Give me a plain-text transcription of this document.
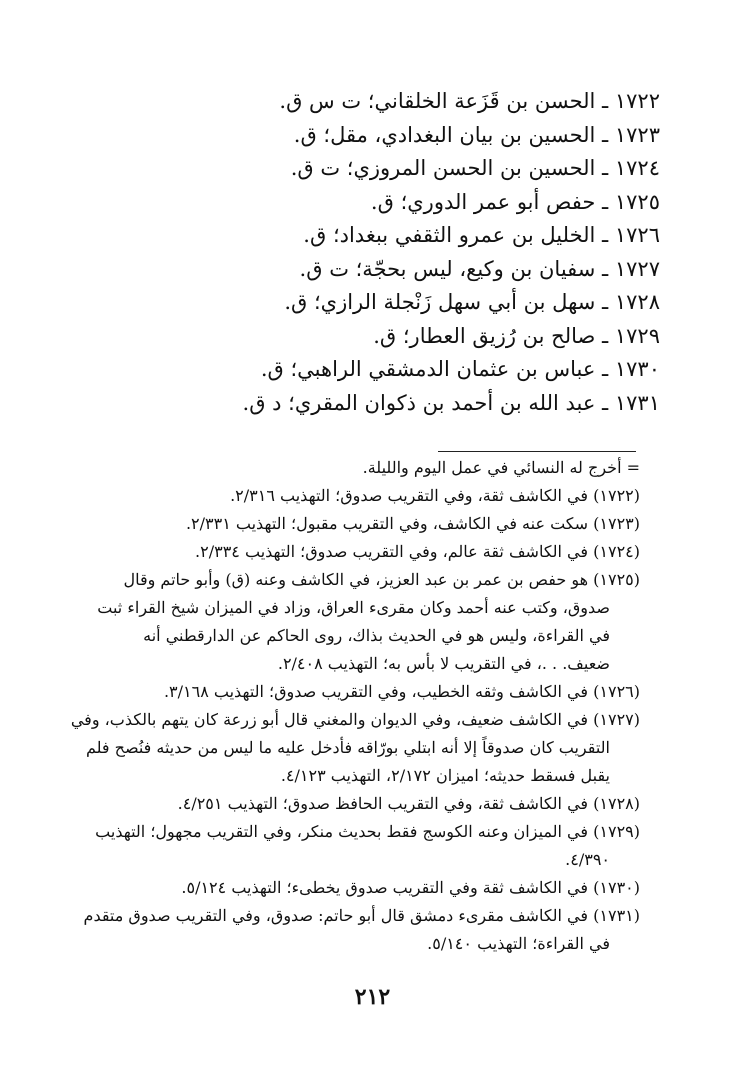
١٧٢٢ ـ الحسن بن قَزَعة الخلقاني؛ ت س ق.
١٧٢٣ ـ الحسين بن بيان البغدادي، مقل؛ ق.
١٧٢٤ ـ الحسين بن الحسن المروزي؛ ت ق.
١٧٢٥ ـ حفص أبو عمر الدوري؛ ق.
١٧٢٦ ـ الخليل بن عمرو الثقفي ببغداد؛ ق.
١٧٢٧ ـ سفيان بن وكيع، ليس بحجّة؛ ت ق.
١٧٢٨ ـ سهل بن أبي سهل زَنْجلة الرازي؛ ق.
١٧٢٩ ـ صالح بن رُزيق العطار؛ ق.
١٧٣٠ ـ عباس بن عثمان الدمشقي الراهبي؛ ق.
١٧٣١ ـ عبد الله بن أحمد بن ذكوان المقري؛ د ق.
= أخرج له النسائي في عمل اليوم والليلة.
(١٧٢٢) في الكاشف ثقة، وفي التقريب صدوق؛ التهذيب ٢/٣١٦.
(١٧٢٣) سكت عنه في الكاشف، وفي التقريب مقبول؛ التهذيب ٢/٣٣١.
(١٧٢٤) في الكاشف ثقة عالم، وفي التقريب صدوق؛ التهذيب ٢/٣٣٤.
(١٧٢٥) هو حفص بن عمر بن عبد العزيز، في الكاشف وعنه (ق) وأبو حاتم وقال
صدوق، وكتب عنه أحمد وكان مقرىء العراق، وزاد في الميزان شيخ القراء ثبت
في القراءة، وليس هو في الحديث بذاك، روى الحاكم عن الدارقطني أنه
ضعيف. . .، في التقريب لا بأس به؛ التهذيب ٢/٤٠٨.
(١٧٢٦) في الكاشف وثقه الخطيب، وفي التقريب صدوق؛ التهذيب ٣/١٦٨.
(١٧٢٧) في الكاشف ضعيف، وفي الديوان والمغني قال أبو زرعة كان يتهم بالكذب، وفي
التقريب كان صدوقاً إلا أنه ابتلي بورّاقه فأدخل عليه ما ليس من حديثه فنُصح فلم
يقبل فسقط حديثه؛ اميزان ٢/١٧٢، التهذيب ٤/١٢٣.
(١٧٢٨) في الكاشف ثقة، وفي التقريب الحافظ صدوق؛ التهذيب ٤/٢٥١.
(١٧٢٩) في الميزان وعنه الكوسج فقط بحديث منكر، وفي التقريب مجهول؛ التهذيب
٤/٣٩٠.
(١٧٣٠) في الكاشف ثقة وفي التقريب صدوق يخطىء؛ التهذيب ٥/١٢٤.
(١٧٣١) في الكاشف مقرىء دمشق قال أبو حاتم: صدوق، وفي التقريب صدوق متقدم
في القراءة؛ التهذيب ٥/١٤٠.
٢١٢
